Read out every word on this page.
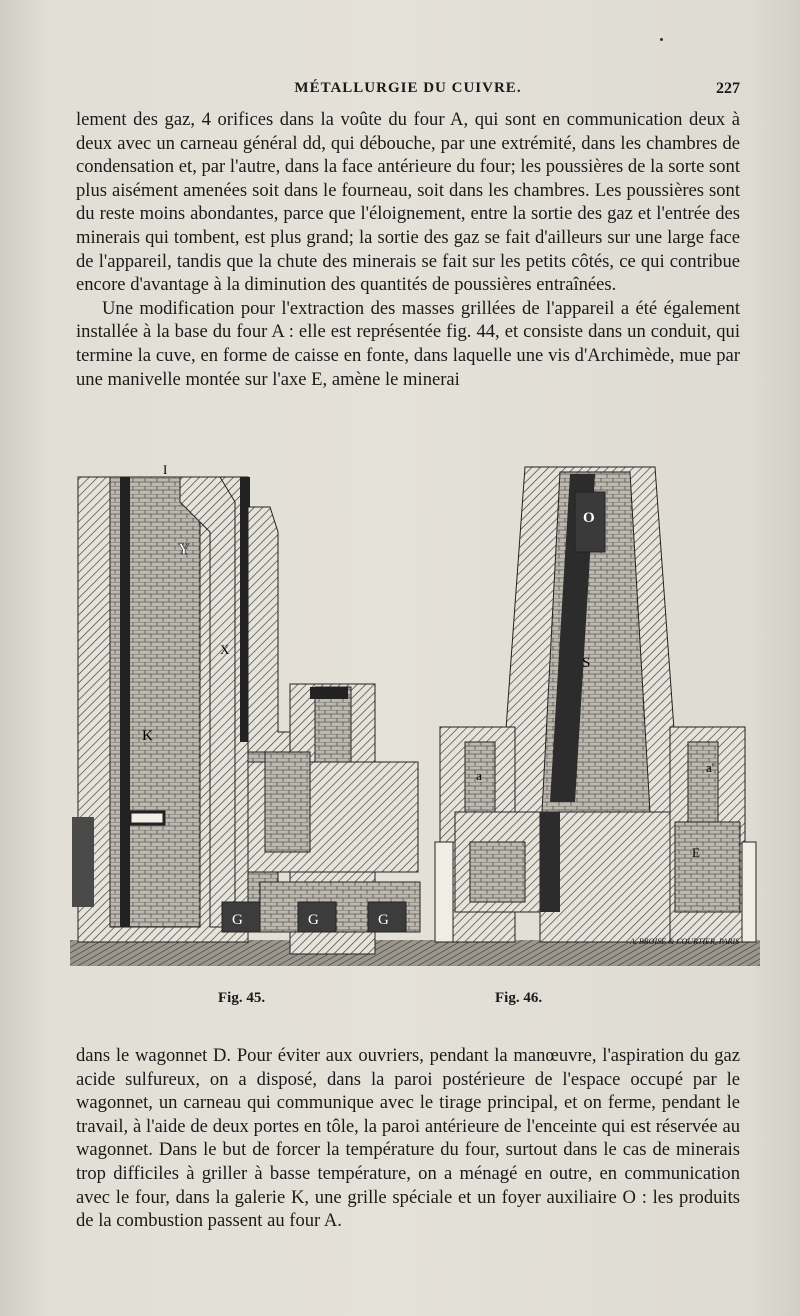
MÉTALLURGIE DU CUIVRE.	227

lement des gaz, 4 orifices dans la voûte du four A, qui sont en communication deux à deux avec un carneau général dd, qui débouche, par une extrémité, dans les chambres de condensation et, par l'autre, dans la face antérieure du four; les poussières de la sorte sont plus aisément amenées soit dans le fourneau, soit dans les chambres. Les poussières sont du reste moins abondantes, parce que l'éloignement, entre la sortie des gaz et l'entrée des minerais qui tombent, est plus grand; la sortie des gaz se fait d'ailleurs sur une large face de l'appareil, tandis que la chute des minerais se fait sur les petits côtés, ce qui contribue encore d'avantage à la diminution des quantités de poussières entraînées.

Une modification pour l'extraction des masses grillées de l'appareil a été également installée à la base du four A : elle est représentée fig. 44, et consiste dans un conduit, qui termine la cuve, en forme de caisse en fonte, dans laquelle une vis d'Archimède, mue par une manivelle montée sur l'axe E, amène le minerai

I
Y
X
K
G	G	G
O
S
a
a'
E
A. BROISE & COURTIER, PARIS
Fig. 45.	Fig. 46.

dans le wagonnet D. Pour éviter aux ouvriers, pendant la manœuvre, l'aspiration du gaz acide sulfureux, on a disposé, dans la paroi postérieure de l'espace occupé par le wagonnet, un carneau qui communique avec le tirage principal, et on ferme, pendant le travail, à l'aide de deux portes en tôle, la paroi antérieure de l'enceinte qui est réservée au wagonnet. Dans le but de forcer la température du four, surtout dans le cas de minerais trop difficiles à griller à basse température, on a ménagé en outre, en communication avec le four, dans la galerie K, une grille spéciale et un foyer auxiliaire O : les produits de la combustion passent au four A.
